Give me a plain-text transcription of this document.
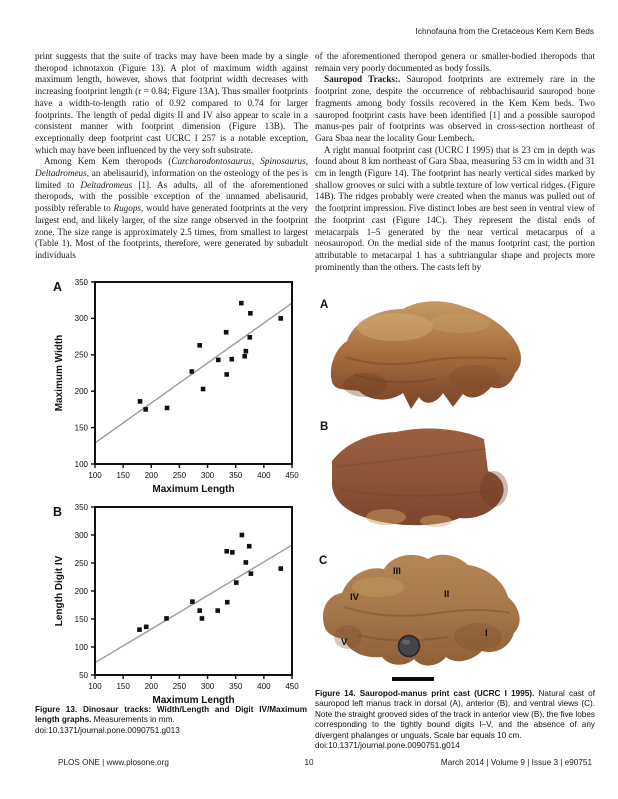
Ichnofauna from the Cretaceous Kem Kem Beds

print suggests that the suite of tracks may have been made by a single theropod ichnotaxon (Figure 13). A plot of maximum width against maximum length, however, shows that footprint width decreases with increasing footprint length (r = 0.84; Figure 13A). Thus smaller footprints have a width-to-length ratio of 0.92 compared to 0.74 for larger footprints. The length of pedal digits II and IV also appear to scale in a consistent manner with footprint dimension (Figure 13B). The exceptionally deep footprint cast UCRC I 257 is a notable exception, which may have been influenced by the very soft substrate.

Among Kem Kem theropods (Carcharodontosaurus, Spinosaurus, Deltadromeus, an abelisaurid), information on the osteology of the pes is limited to Deltadromeus [1]. As adults, all of the aforementioned theropods, with the possible exception of the unnamed abelisaurid, possibly referable to Rugops, would have generated footprints at the very largest end, and likely larger, of the size range observed in the footprint zone. The size range is approximately 2.5 times, from smallest to largest (Table 1). Most of the footprints, therefore, were generated by subadult individuals

of the aforementioned theropod genera or smaller-bodied theropods that remain very poorly documented as body fossils.

Sauropod Tracks:. Sauropod footprints are extremely rare in the footprint zone, despite the occurrence of rebbachisaurid sauropod bone fragments among body fossils recovered in the Kem Kem beds. Two sauropod footprint casts have been identified [1] and a possible sauropod manus-pes pair of footprints was observed in cross-section northeast of Gara Sbaa near the locality Gour Lembech.

A right manual footprint cast (UCRC I 1995) that is 23 cm in depth was found about 8 km northeast of Gara Sbaa, measuring 53 cm in width and 31 cm in length (Figure 14). The footprint has nearly vertical sides marked by shallow grooves or sulci with a subtle texture of low vertical ridges. (Figure 14B). The ridges probably were created when the manus was pulled out of the footprint impression. Five distinct lobes are best seen in ventral view of the footprint cast (Figure 14C). They represent the distal ends of metacarpals 1–5 generated by the near vertical metacarpus of a neosauropod. On the medial side of the manus footprint cast, the portion attributable to metacarpal 1 has a subtriangular shape and projects more prominently than the others. The casts left by

100 150 200 250 300 350 400 450
100
150
200
250
300
350
Maximum Length
Maximum Width
A
100 150 200 250 300 350 400 450
50
100
150
200
250
300
350
Maximum Length
Length Digit IV
B
Figure 13. Dinosaur tracks: Width/Length and Digit IV/Maximum length graphs. Measurements in mm.
doi:10.1371/journal.pone.0090751.g013
A
B
C
III
IV	II
I
V
Figure 14. Sauropod-manus print cast (UCRC I 1995). Natural cast of sauropod left manus track in dorsal (A), anterior (B), and ventral views (C). Note the straight grooved sides of the track in anterior view (B), the five lobes corresponding to the tightly bound digits I–V, and the absence of any divergent phalanges or unguals. Scale bar equals 10 cm.
doi:10.1371/journal.pone.0090751.g014
PLOS ONE | www.plosone.org	10	March 2014 | Volume 9 | Issue 3 | e90751
